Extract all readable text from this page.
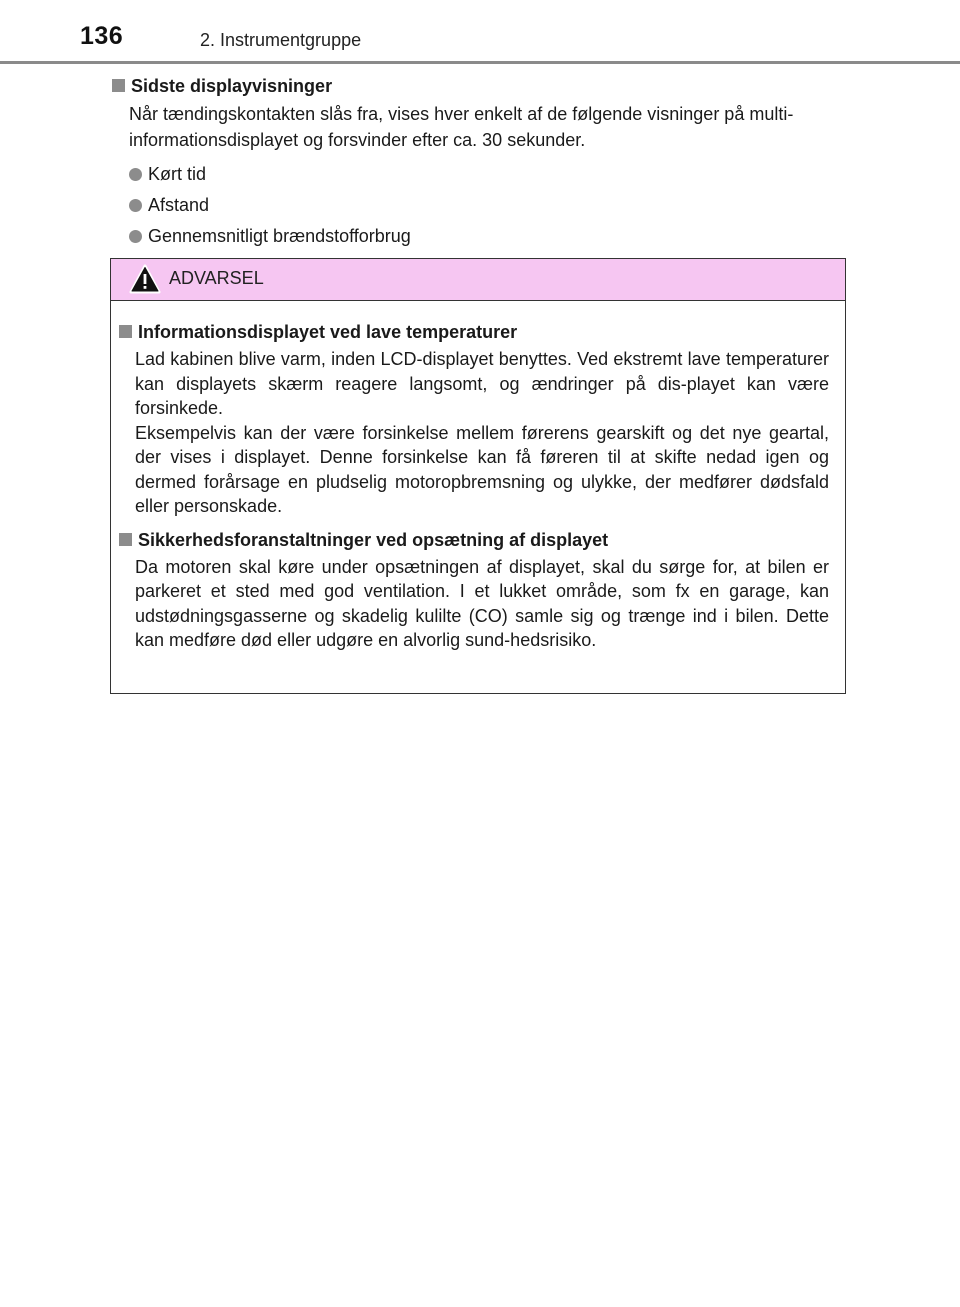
136	2. Instrumentgruppe

Sidste displayvisninger

Når tændingskontakten slås fra, vises hver enkelt af de følgende visninger på multi-informationsdisplayet og forsvinder efter ca. 30 sekunder.

Kørt tid
Afstand
Gennemsnitligt brændstofforbrug
ADVARSEL

Informationsdisplayet ved lave temperaturer

Lad kabinen blive varm, inden LCD-displayet benyttes. Ved ekstremt lave temperaturer kan displayets skærm reagere langsomt, og ændringer på dis-playet kan være forsinkede.

Eksempelvis kan der være forsinkelse mellem førerens gearskift og det nye geartal, der vises i displayet. Denne forsinkelse kan få føreren til at skifte nedad igen og dermed forårsage en pludselig motoropbremsning og ulykke, der medfører dødsfald eller personskade.

Sikkerhedsforanstaltninger ved opsætning af displayet

Da motoren skal køre under opsætningen af displayet, skal du sørge for, at bilen er parkeret et sted med god ventilation. I et lukket område, som fx en garage, kan udstødningsgasserne og skadelig kulilte (CO) samle sig og trænge ind i bilen. Dette kan medføre død eller udgøre en alvorlig sund-hedsrisiko.
